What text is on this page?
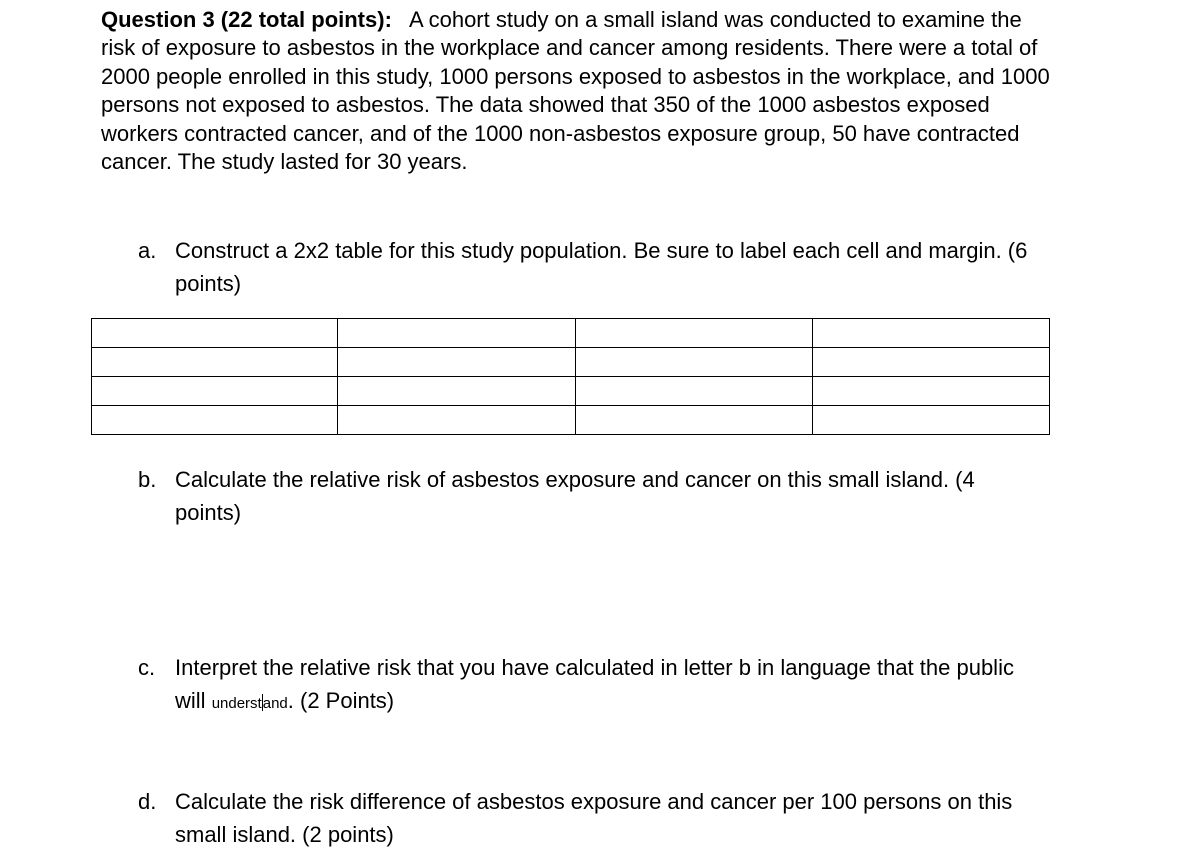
Question 3 (22 total points): A cohort study on a small island was conducted to examine the risk of exposure to asbestos in the workplace and cancer among residents. There were a total of 2000 people enrolled in this study, 1000 persons exposed to asbestos in the workplace, and 1000 persons not exposed to asbestos. The data showed that 350 of the 1000 asbestos exposed workers contracted cancer, and of the 1000 non-asbestos exposure group, 50 have contracted cancer. The study lasted for 30 years.
a. Construct a 2x2 table for this study population. Be sure to label each cell and margin. (6 points)

b. Calculate the relative risk of asbestos exposure and cancer on this small island. (4 points)
c. Interpret the relative risk that you have calculated in letter b in language that the public will understand. (2 Points)
d. Calculate the risk difference of asbestos exposure and cancer per 100 persons on this small island. (2 points)
